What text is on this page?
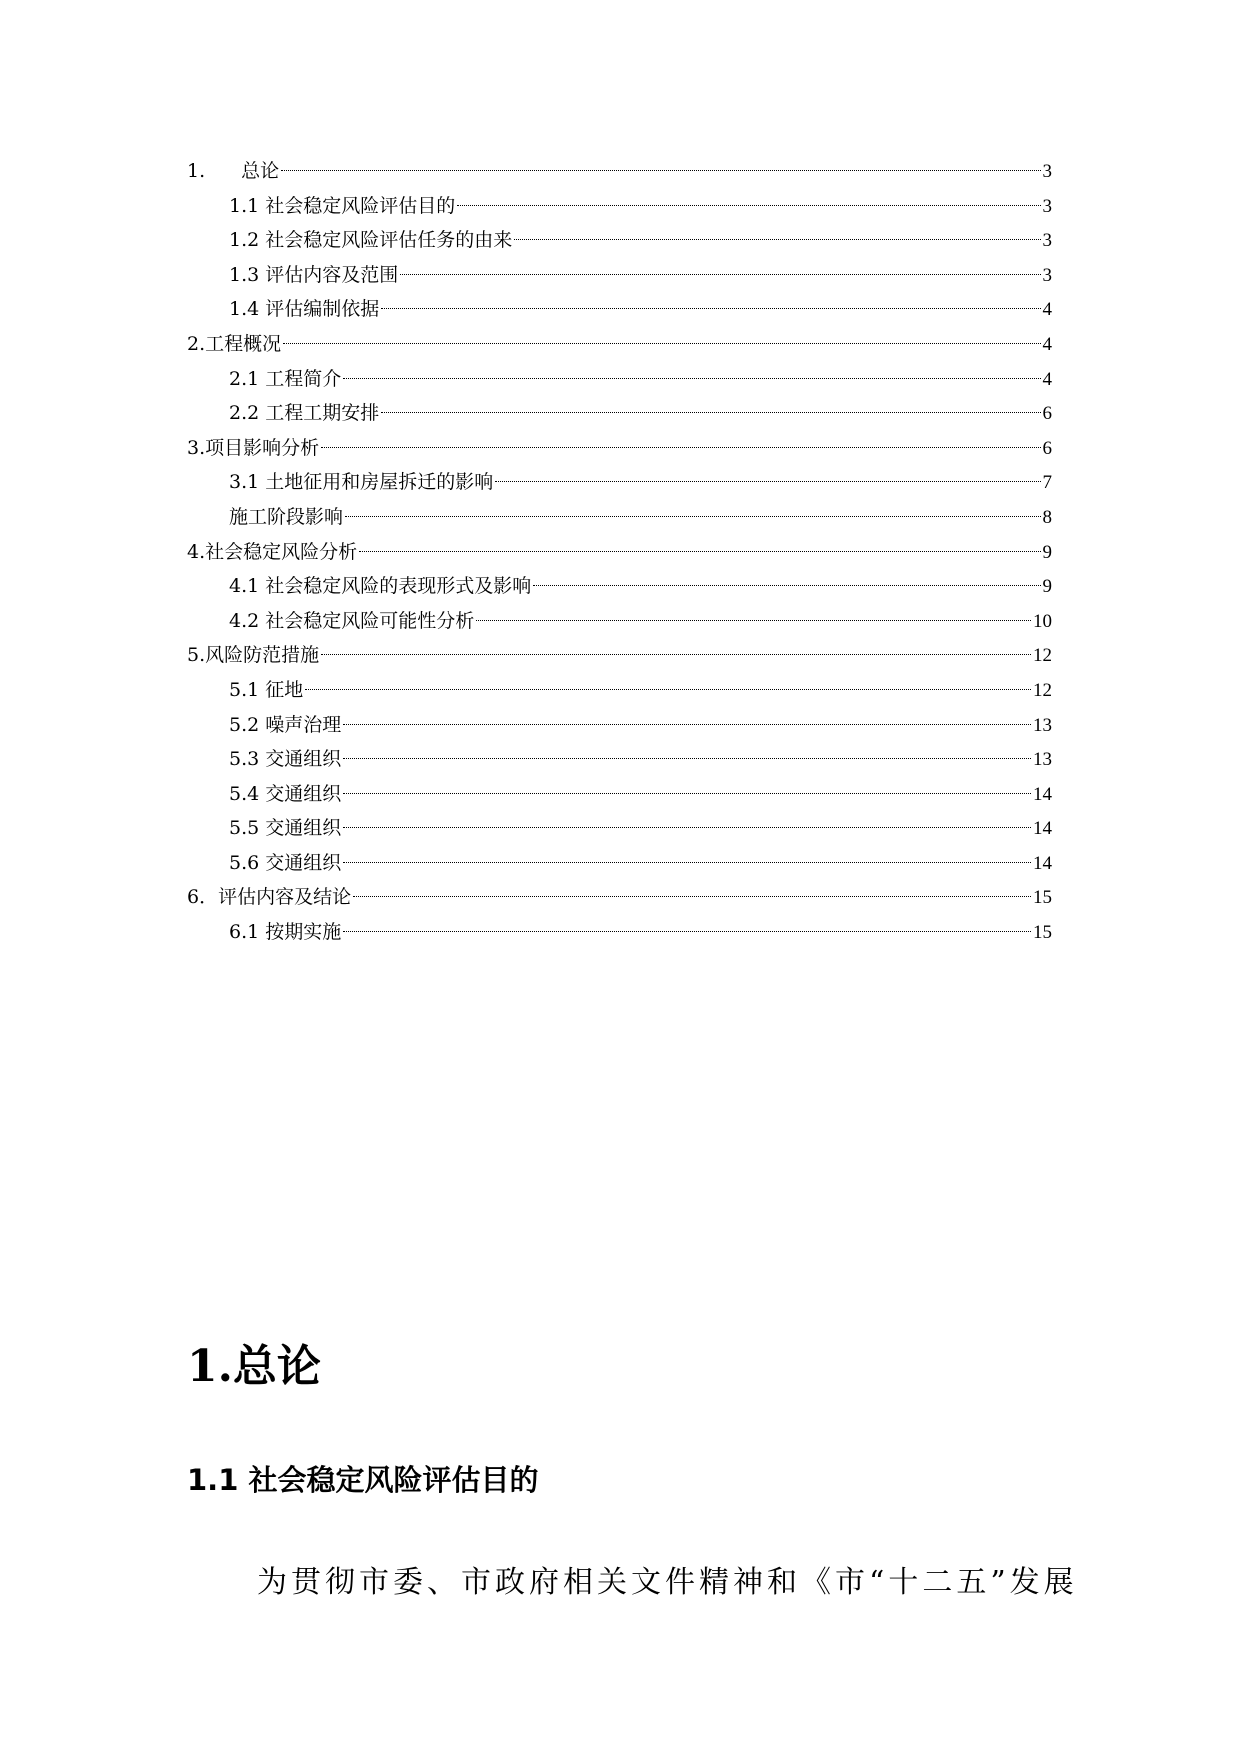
1. 总论	3
1.1 社会稳定风险评估目的	3
1.2 社会稳定风险评估任务的由来	3
1.3 评估内容及范围	3
1.4 评估编制依据	4
2.工程概况	4
2.1 工程简介	4
2.2 工程工期安排	6
3.项目影响分析	6
3.1 土地征用和房屋拆迁的影响	7
施工阶段影响	8
4.社会稳定风险分析	9
4.1 社会稳定风险的表现形式及影响	9
4.2 社会稳定风险可能性分析	10
5.风险防范措施	12
5.1 征地	12
5.2 噪声治理	13
5.3 交通组织	13
5.4 交通组织	14
5.5 交通组织	14
5.6 交通组织	14
6．评估内容及结论	15
6.1 按期实施	15
1.总论
1.1 社会稳定风险评估目的

为贯彻市委、市政府相关文件精神和《市“十二五”发展
